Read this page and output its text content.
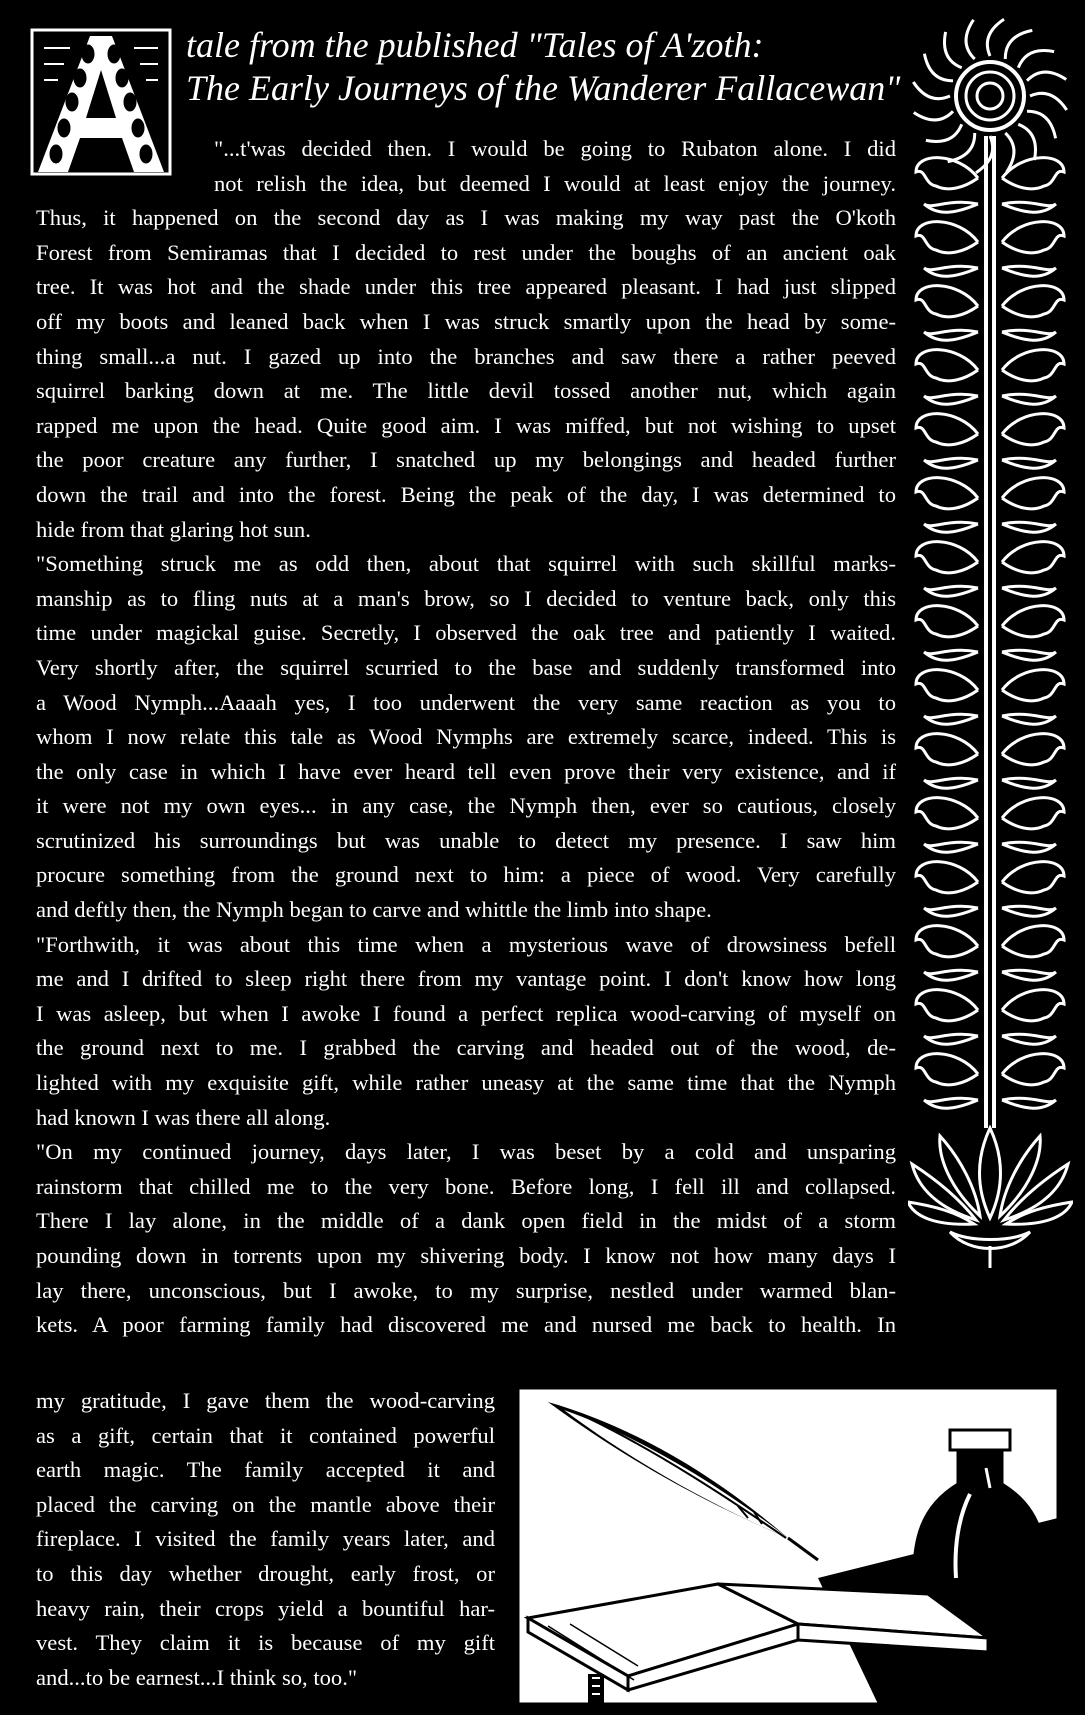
tale from the published "Tales of A'zoth:
The Early Journeys of the Wanderer Fallacewan"
"...t'was decided then. I would be going to Rubaton alone. I did
not relish the idea, but deemed I would at least enjoy the journey.
Thus, it happened on the second day as I was making my way past the O'koth
Forest from Semiramas that I decided to rest under the boughs of an ancient oak
tree. It was hot and the shade under this tree appeared pleasant. I had just slipped
off my boots and leaned back when I was struck smartly upon the head by some-
thing small...a nut. I gazed up into the branches and saw there a rather peeved
squirrel barking down at me. The little devil tossed another nut, which again
rapped me upon the head. Quite good aim. I was miffed, but not wishing to upset
the poor creature any further, I snatched up my belongings and headed further
down the trail and into the forest. Being the peak of the day, I was determined to
hide from that glaring hot sun.
"Something struck me as odd then, about that squirrel with such skillful marks-
manship as to fling nuts at a man's brow, so I decided to venture back, only this
time under magickal guise. Secretly, I observed the oak tree and patiently I waited.
Very shortly after, the squirrel scurried to the base and suddenly transformed into
a Wood Nymph...Aaaah yes, I too underwent the very same reaction as you to
whom I now relate this tale as Wood Nymphs are extremely scarce, indeed. This is
the only case in which I have ever heard tell even prove their very existence, and if
it were not my own eyes... in any case, the Nymph then, ever so cautious, closely
scrutinized his surroundings but was unable to detect my presence. I saw him
procure something from the ground next to him: a piece of wood. Very carefully
and deftly then, the Nymph began to carve and whittle the limb into shape.
"Forthwith, it was about this time when a mysterious wave of drowsiness befell
me and I drifted to sleep right there from my vantage point. I don't know how long
I was asleep, but when I awoke I found a perfect replica wood-carving of myself on
the ground next to me. I grabbed the carving and headed out of the wood, de-
lighted with my exquisite gift, while rather uneasy at the same time that the Nymph
had known I was there all along.
"On my continued journey, days later, I was beset by a cold and unsparing
rainstorm that chilled me to the very bone. Before long, I fell ill and collapsed.
There I lay alone, in the middle of a dank open field in the midst of a storm
pounding down in torrents upon my shivering body. I know not how many days I
lay there, unconscious, but I awoke, to my surprise, nestled under warmed blan-
kets. A poor farming family had discovered me and nursed me back to health. In
my gratitude, I gave them the wood-carving
as a gift, certain that it contained powerful
earth magic. The family accepted it and
placed the carving on the mantle above their
fireplace. I visited the family years later, and
to this day whether drought, early frost, or
heavy rain, their crops yield a bountiful har-
vest. They claim it is because of my gift
and...to be earnest...I think so, too."
